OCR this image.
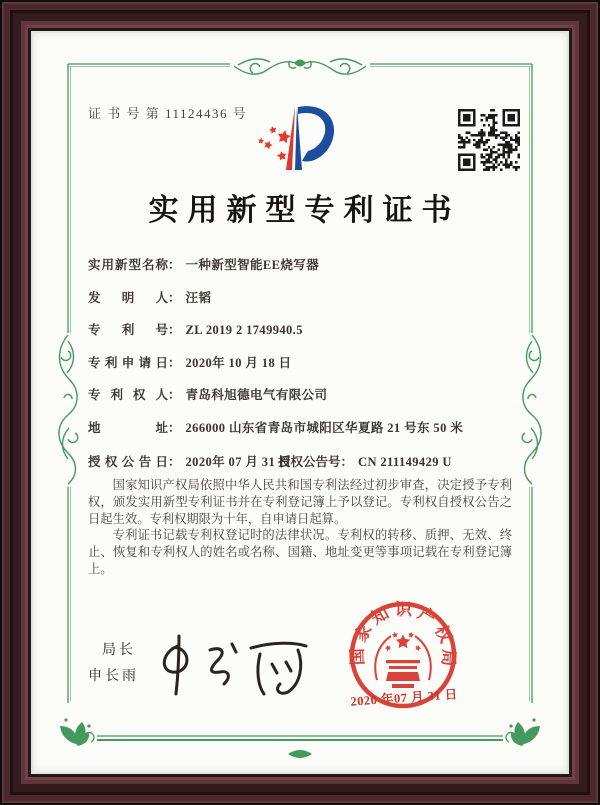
证 书 号 第 11124436 号
实用新型专利证书
实用新型名称： 一种新型智能EE烧写器
发明人： 汪韬
专利号： ZL 2019 2 1749940.5
专利申请日： 2020年 10 月 18 日
专利权人： 青岛科旭德电气有限公司
地址： 266000 山东省青岛市城阳区华夏路 21 号东 50 米
授权公告日： 2020年 07 月 31 日
授权公告号： CN 211149429 U

国家知识产权局依照中华人民共和国专利法经过初步审查，决定授予专利权，颁发实用新型专利证书并在专利登记簿上予以登记。专利权自授权公告之日起生效。专利权期限为十年，自申请日起算。

专利证书记载专利权登记时的法律状况。专利权的转移、质押、无效、终止、恢复和专利权人的姓名或名称、国籍、地址变更等事项记载在专利登记簿上。

局长
申长雨
国家知识产权局
2020 年07 月 31 日
